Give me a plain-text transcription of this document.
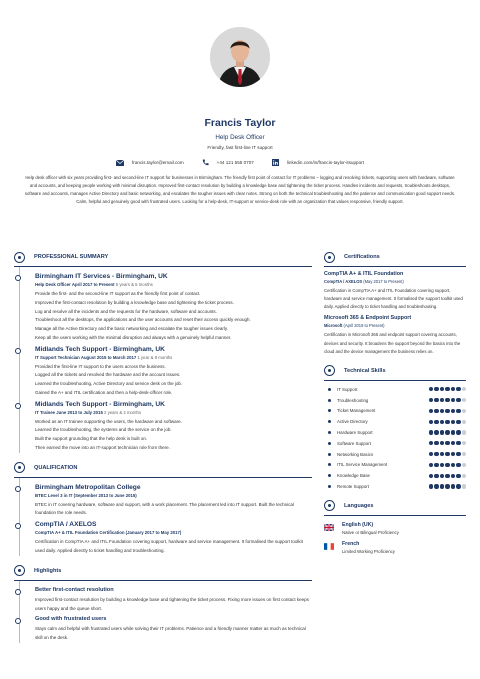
Francis Taylor
Help Desk Officer
Friendly, fast first-line IT support
francis.taylor@email.com	+44 121 555 0707	linkedin.com/in/francis-taylor-itsupport
Help desk officer with six years providing first- and second-line IT support for businesses in Birmingham. The friendly first point of contact for IT problems – logging and resolving tickets, supporting users with hardware, software and accounts, and keeping people working with minimal disruption. Improved first-contact resolution by building a knowledge base and tightening the ticket process. Handles incidents and requests, troubleshoots desktops, software and accounts, manages Active Directory and basic networking, and escalates the tougher issues with clear notes. Strong on both the technical troubleshooting and the patience and communication good support needs. Calm, helpful and genuinely good with frustrated users. Looking for a help-desk, IT-support or service-desk role with an organization that values responsive, friendly support.
PROFESSIONAL SUMMARY
Birmingham IT Services - Birmingham, UK
Help Desk Officer April 2017 to Present 5 years & 5 months
Provide the first- and the second-line IT support as the friendly first point of contact.
Improved the first-contact resolution by building a knowledge base and tightening the ticket process.
Log and resolve all the incidents and the requests for the hardware, software and accounts.
Troubleshoot all the desktops, the applications and the user accounts and reset their access quickly enough.
Manage all the Active Directory and the basic networking and escalate the tougher issues clearly.
Keep all the users working with the minimal disruption and always with a genuinely helpful manner.
Midlands Tech Support - Birmingham, UK
IT Support Technician August 2015 to March 2017 1 year & 8 months
Provided the first-line IT support to the users across the business.
Logged all the tickets and resolved the hardware and the account issues.
Learned the troubleshooting, Active Directory and service desk on the job.
Gained the A+ and ITIL certification and then a help-desk-officer role.
Midlands Tech Support - Birmingham, UK
IT Trainee June 2013 to July 2015 2 years & 2 months
Worked as an IT trainee supporting the users, the hardware and software.
Learned the troubleshooting, the systems and the service on the job.
Built the support grounding that the help desk is built on.
Then earned the move into an IT-support technician role from there.
QUALIFICATION
Birmingham Metropolitan College
BTEC Level 3 in IT (September 2013 to June 2015)
BTEC in IT covering hardware, software and support, with a work placement. The placement led into IT support. Built the technical foundation the role needs.
CompTIA / AXELOS
CompTIA A+ & ITIL Foundation Certification (January 2017 to May 2017)
Certification in CompTIA A+ and ITIL Foundation covering support, hardware and service management. It formalised the support toolkit used daily. Applied directly to ticket handling and troubleshooting.
Highlights
Better first-contact resolution
Improved first-contact resolution by building a knowledge base and tightening the ticket process. Fixing more issues on first contact keeps users happy and the queue short.
Good with frustrated users
Stays calm and helpful with frustrated users while solving their IT problems. Patience and a friendly manner matter as much as technical skill on the desk.
Certifications
CompTIA A+ & ITIL Foundation
CompTIA / AXELOS (May 2017 to Present)
Certification in CompTIA A+ and ITIL Foundation covering support, hardware and service management. It formalised the support toolkit used daily. Applied directly to ticket handling and troubleshooting.
Microsoft 365 & Endpoint Support
Microsoft (April 2019 to Present)
Certification in Microsoft 365 and endpoint support covering accounts, devices and security. It broadens the support beyond the basics into the cloud and the device management the business relies on.
Technical Skills
IT Support
Troubleshooting
Ticket Management
Active Directory
Hardware Support
Software Support
Networking Basics
ITIL Service Management
Knowledge Base
Remote Support
Languages
English (UK)
Native or Bilingual Proficiency
French
Limited Working Proficiency
